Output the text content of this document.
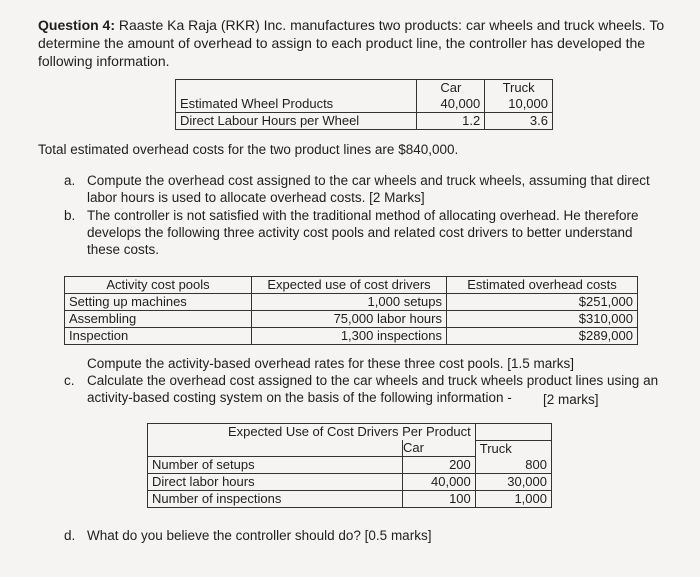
Question 4: Raaste Ka Raja (RKR) Inc. manufactures two products: car wheels and truck wheels. To determine the amount of overhead to assign to each product line, the controller has developed the following information.
	Car	Truck
Estimated Wheel Products	40,000	10,000
Direct Labour Hours per Wheel	1.2	3.6
Total estimated overhead costs for the two product lines are $840,000.
a. Compute the overhead cost assigned to the car wheels and truck wheels, assuming that direct
labor hours is used to allocate overhead costs. [2 Marks]
b. The controller is not satisfied with the traditional method of allocating overhead. He therefore
develops the following three activity cost pools and related cost drivers to better understand
these costs.
Activity cost pools	Expected use of cost drivers	Estimated overhead costs
Setting up machines	1,000 setups	$251,000
Assembling	75,000 labor hours	$310,000
Inspection	1,300 inspections	$289,000
Compute the activity-based overhead rates for these three cost pools. [1.5 marks]
c. Calculate the overhead cost assigned to the car wheels and truck wheels product lines using an
activity-based costing system on the basis of the following information - [2 marks]
Expected Use of Cost Drivers Per Product		
	Car	Truck
Number of setups	200	800
Direct labor hours	40,000	30,000
Number of inspections	100	1,000
d. What do you believe the controller should do? [0.5 marks]
